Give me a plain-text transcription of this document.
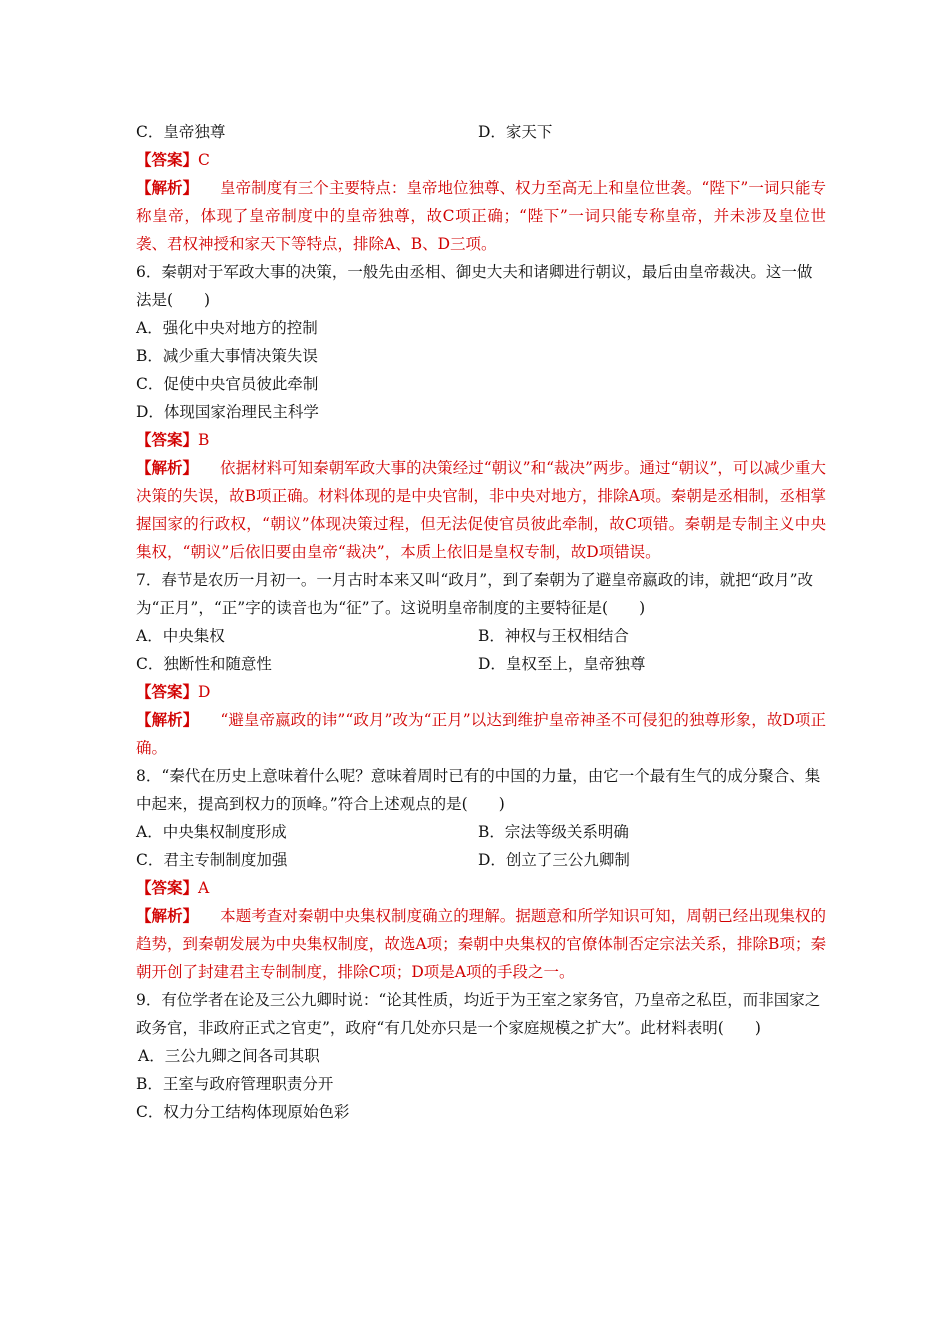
C．皇帝独尊	D．家天下
【答案】C
【解析】 皇帝制度有三个主要特点：皇帝地位独尊、权力至高无上和皇位世袭。“陛下”一词只能专称皇帝，体现了皇帝制度中的皇帝独尊，故C项正确；“陛下”一词只能专称皇帝，并未涉及皇位世袭、君权神授和家天下等特点，排除A、B、D三项。
6．秦朝对于军政大事的决策，一般先由丞相、御史大夫和诸卿进行朝议，最后由皇帝裁决。这一做法是(　　)
A．强化中央对地方的控制
B．减少重大事情决策失误
C．促使中央官员彼此牵制
D．体现国家治理民主科学
【答案】B
【解析】 依据材料可知秦朝军政大事的决策经过“朝议”和“裁决”两步。通过“朝议”，可以减少重大决策的失误，故B项正确。材料体现的是中央官制，非中央对地方，排除A项。秦朝是丞相制，丞相掌握国家的行政权，“朝议”体现决策过程，但无法促使官员彼此牵制，故C项错。秦朝是专制主义中央集权，“朝议”后依旧要由皇帝“裁决”，本质上依旧是皇权专制，故D项错误。
7．春节是农历一月初一。一月古时本来又叫“政月”，到了秦朝为了避皇帝嬴政的讳，就把“政月”改为“正月”，“正”字的读音也为“征”了。这说明皇帝制度的主要特征是(　　)
A．中央集权	B．神权与王权相结合
C．独断性和随意性	D．皇权至上，皇帝独尊
【答案】D
【解析】 “避皇帝嬴政的讳”“政月”改为“正月”以达到维护皇帝神圣不可侵犯的独尊形象，故D项正确。
8．“秦代在历史上意味着什么呢？意味着周时已有的中国的力量，由它一个最有生气的成分聚合、集中起来，提高到权力的顶峰。”符合上述观点的是(　　)
A．中央集权制度形成	B．宗法等级关系明确
C．君主专制制度加强	D．创立了三公九卿制
【答案】A
【解析】 本题考查对秦朝中央集权制度确立的理解。据题意和所学知识可知，周朝已经出现集权的趋势，到秦朝发展为中央集权制度，故选A项；秦朝中央集权的官僚体制否定宗法关系，排除B项；秦朝开创了封建君主专制制度，排除C项；D项是A项的手段之一。
9．有位学者在论及三公九卿时说：“论其性质，均近于为王室之家务官，乃皇帝之私臣，而非国家之政务官，非政府正式之官吏”，政府“有几处亦只是一个家庭规模之扩大”。此材料表明(　　)
A．三公九卿之间各司其职
B．王室与政府管理职责分开
C．权力分工结构体现原始色彩
